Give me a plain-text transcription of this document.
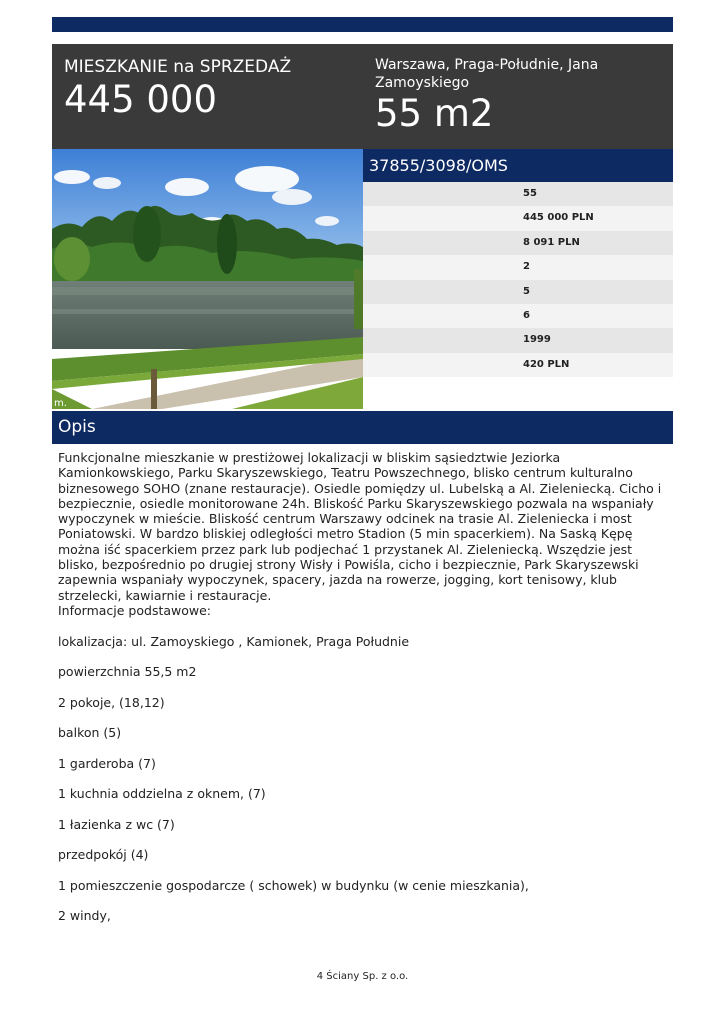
MIESZKANIE na SPRZEDAŻ
445 000
Warszawa, Praga-Południe, Jana Zamoyskiego
55 m2
m.
37855/3098/OMS
55
445 000 PLN
8 091 PLN
2
5
6
1999
420 PLN
Opis

Funkcjonalne mieszkanie w prestiżowej lokalizacji w bliskim sąsiedztwie Jeziorka Kamionkowskiego, Parku Skaryszewskiego, Teatru Powszechnego, blisko centrum kulturalno biznesowego SOHO (znane restauracje). Osiedle pomiędzy ul. Lubelską a Al. Zieleniecką. Cicho i bezpiecznie, osiedle monitorowane 24h. Bliskość Parku Skaryszewskiego pozwala na wspaniały wypoczynek w mieście. Bliskość centrum Warszawy odcinek na trasie Al. Zieleniecka i most Poniatowski. W bardzo bliskiej odległości metro Stadion (5 min spacerkiem). Na Saską Kępę można iść spacerkiem przez park lub podjechać 1 przystanek Al. Zieleniecką. Wszędzie jest blisko, bezpośrednio po drugiej strony Wisły i Powiśla, cicho i bezpiecznie, Park Skaryszewski zapewnia wspaniały wypoczynek, spacery, jazda na rowerze, jogging, kort tenisowy, klub strzelecki, kawiarnie i restauracje.

Informacje podstawowe:

lokalizacja: ul. Zamoyskiego , Kamionek, Praga Południe

powierzchnia 55,5 m2

2 pokoje, (18,12)

balkon (5)

1 garderoba (7)

1 kuchnia oddzielna z oknem, (7)

1 łazienka z wc (7)

przedpokój (4)

1 pomieszczenie gospodarcze ( schowek) w budynku (w cenie mieszkania),

2 windy,

4 Ściany Sp. z o.o.
